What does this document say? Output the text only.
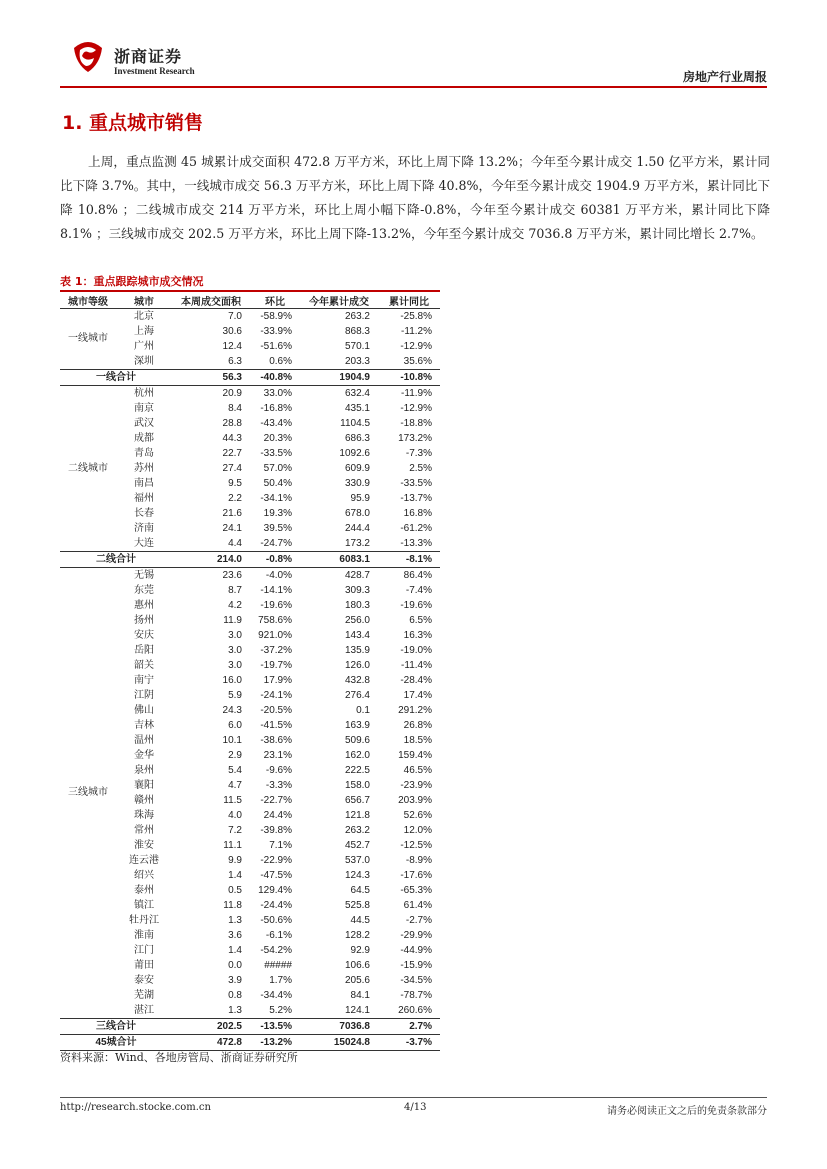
浙商证券
Investment Research	房地产行业周报
1. 重点城市销售

上周，重点监测 45 城累计成交面积 472.8 万平方米，环比上周下降 13.2%；今年至今累计成交 1.50 亿平方米，累计同比下降 3.7%。其中，一线城市成交 56.3 万平方米，环比上周下降 40.8%，今年至今累计成交 1904.9 万平方米，累计同比下降 10.8% ；二线城市成交 214 万平方米，环比上周小幅下降-0.8%，今年至今累计成交 60381 万平方米，累计同比下降 8.1% ；三线城市成交 202.5 万平方米，环比上周下降-13.2%，今年至今累计成交 7036.8 万平方米，累计同比增长 2.7%。

表 1：重点跟踪城市成交情况
城市等级	城市	本周成交面积	环比	今年累计成交	累计同比
一线城市	北京	7.0	-58.9%	263.2	-25.8%
	上海	30.6	-33.9%	868.3	-11.2%
	广州	12.4	-51.6%	570.1	-12.9%
	深圳	6.3	0.6%	203.3	35.6%
一线合计		56.3	-40.8%	1904.9	-10.8%
二线城市	杭州	20.9	33.0%	632.4	-11.9%
	南京	8.4	-16.8%	435.1	-12.9%
	武汉	28.8	-43.4%	1104.5	-18.8%
	成都	44.3	20.3%	686.3	173.2%
	青岛	22.7	-33.5%	1092.6	-7.3%
	苏州	27.4	57.0%	609.9	2.5%
	南昌	9.5	50.4%	330.9	-33.5%
	福州	2.2	-34.1%	95.9	-13.7%
	长春	21.6	19.3%	678.0	16.8%
	济南	24.1	39.5%	244.4	-61.2%
	大连	4.4	-24.7%	173.2	-13.3%
二线合计		214.0	-0.8%	6083.1	-8.1%
三线城市	无锡	23.6	-4.0%	428.7	86.4%
	东莞	8.7	-14.1%	309.3	-7.4%
	惠州	4.2	-19.6%	180.3	-19.6%
	扬州	11.9	758.6%	256.0	6.5%
	安庆	3.0	921.0%	143.4	16.3%
	岳阳	3.0	-37.2%	135.9	-19.0%
	韶关	3.0	-19.7%	126.0	-11.4%
	南宁	16.0	17.9%	432.8	-28.4%
	江阴	5.9	-24.1%	276.4	17.4%
	佛山	24.3	-20.5%	0.1	291.2%
	吉林	6.0	-41.5%	163.9	26.8%
	温州	10.1	-38.6%	509.6	18.5%
	金华	2.9	23.1%	162.0	159.4%
	泉州	5.4	-9.6%	222.5	46.5%
	襄阳	4.7	-3.3%	158.0	-23.9%
	赣州	11.5	-22.7%	656.7	203.9%
	珠海	4.0	24.4%	121.8	52.6%
	常州	7.2	-39.8%	263.2	12.0%
	淮安	11.1	7.1%	452.7	-12.5%
	连云港	9.9	-22.9%	537.0	-8.9%
	绍兴	1.4	-47.5%	124.3	-17.6%
	泰州	0.5	129.4%	64.5	-65.3%
	镇江	11.8	-24.4%	525.8	61.4%
	牡丹江	1.3	-50.6%	44.5	-2.7%
	淮南	3.6	-6.1%	128.2	-29.9%
	江门	1.4	-54.2%	92.9	-44.9%
	莆田	0.0	#####	106.6	-15.9%
	泰安	3.9	1.7%	205.6	-34.5%
	芜湖	0.8	-34.4%	84.1	-78.7%
	湛江	1.3	5.2%	124.1	260.6%
三线合计		202.5	-13.5%	7036.8	2.7%
45城合计		472.8	-13.2%	15024.8	-3.7%
资料来源：Wind、各地房管局、浙商证券研究所
http://research.stocke.com.cn	4/13	请务必阅读正文之后的免责条款部分
